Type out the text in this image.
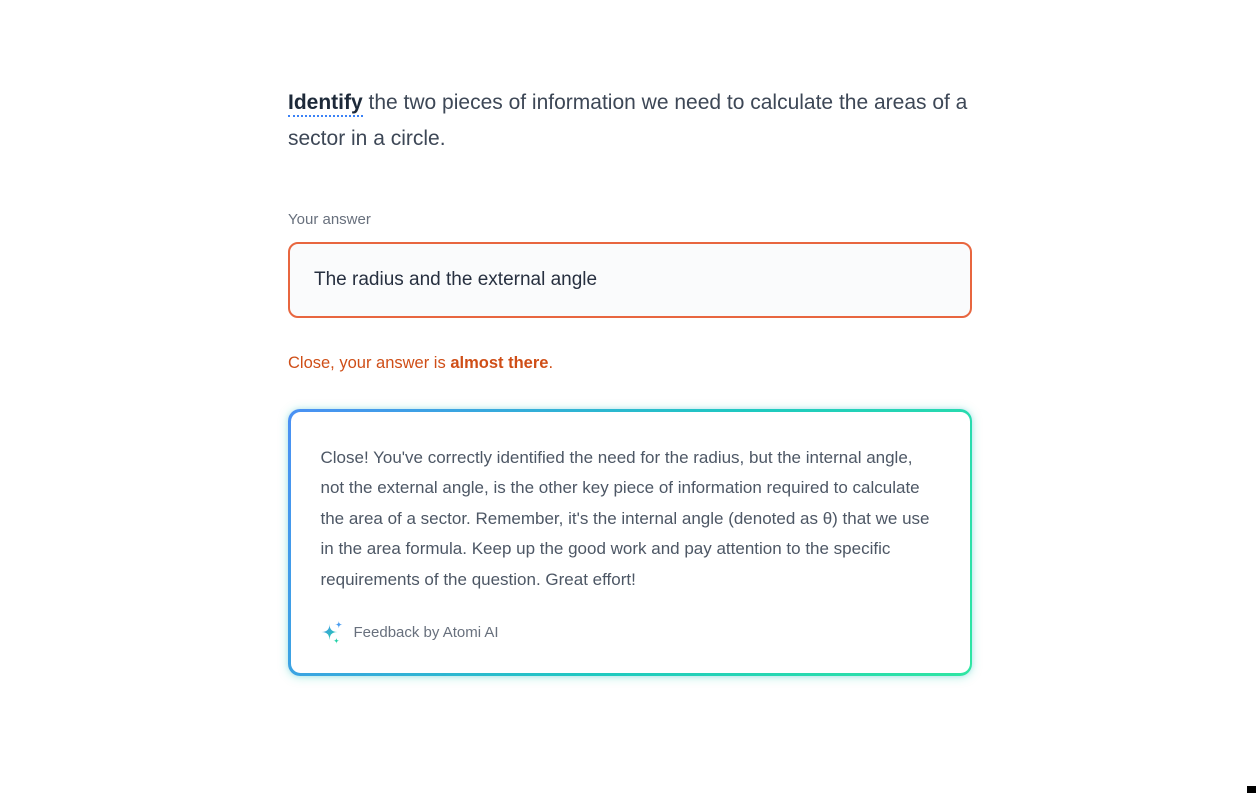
Identify the two pieces of information we need to calculate the areas of a sector in a circle.

Your answer
The radius and the external angle

Close, your answer is almost there.

Close! You've correctly identified the need for the radius, but the internal angle, not the external angle, is the other key piece of information required to calculate the area of a sector. Remember, it's the internal angle (denoted as θ) that we use in the area formula. Keep up the good work and pay attention to the specific requirements of the question. Great effort!

Feedback by Atomi AI
